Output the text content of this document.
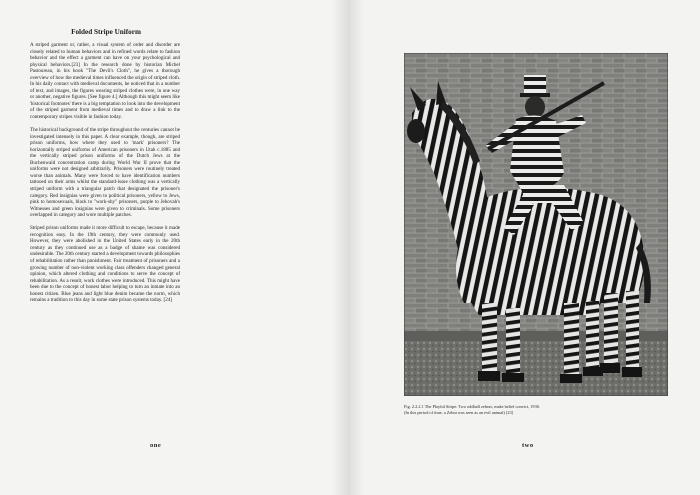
Folded Stripe Uniform

A striped garment or, rather, a visual system of order and disorder are closely related to human behaviors and in refined words relate to fashion behavior and the effect a garment can have on your psychological and physical behaviors.[23] In the research done by historian Michel Pastoureau, in his book "The Devil's Cloth", he gives a thorough overview of how the medieval times influenced the origin of striped cloth. In his daily contact with medieval documents, he noticed that in a number of text, and images, the figures wearing striped clothes were, in one way or another, negative figures. [See figure 4.] Although this might seem like 'historical footnotes' there is a big temptation to look into the development of the striped garment from medieval times and to draw a link to the contemporary stripes visible in fashion today.

The historical background of the stripe throughout the centuries cannot be investigated intensely in this paper. A clear example, though, are striped prison uniforms, how where they used to 'mark' prisoners? The horizontally striped uniforms of American prisoners in Utah c.1885 and the vertically striped prison uniforms of the Dutch Jews at the Buchenwald concentration camp during World War II prove that the uniforms were not designed arbitrarily. Prisoners were routinely treated worse than animals. Many were forced to have identification numbers tattooed on their arms whilst the standard-issue clothing was a vertically striped uniform with a triangular patch that designated the prisoner's category. Red insignias were given to political prisoners, yellow to Jews, pink to homosexuals, black to "work-shy" prisoners, purple to Jehovah's Witnesses and green insignias were given to criminals. Some prisoners overlapped in category and wore multiple patches.

Striped prison uniforms made it more difficult to escape, because it made recognition easy. In the 19th century, they were commonly used. However, they were abolished in the United States early in the 20th century as they continued use as a badge of shame was considered undesirable. The 20th century started a development towards philosophies of rehabilitation rather than punishment. Fair treatment of prisoners and a growing number of non-violent working class offenders changed general opinion, which altered clothing and conditions to serve the concept of rehabilitation. As a result, work clothes were introduced. This might have been due to the concept of honest labor helping to turn an inmate into an honest citizen. Blue jeans and light blue denim became the norm, which remains a tradition to this day in some state prison systems today. [24]

one
Fig. 2.2.2.1 The Playful Stripe: Two oddball zebras; make belief convict, 1930.
(In this period of time, a Zebra was seen as an evil animal) [23]
two
